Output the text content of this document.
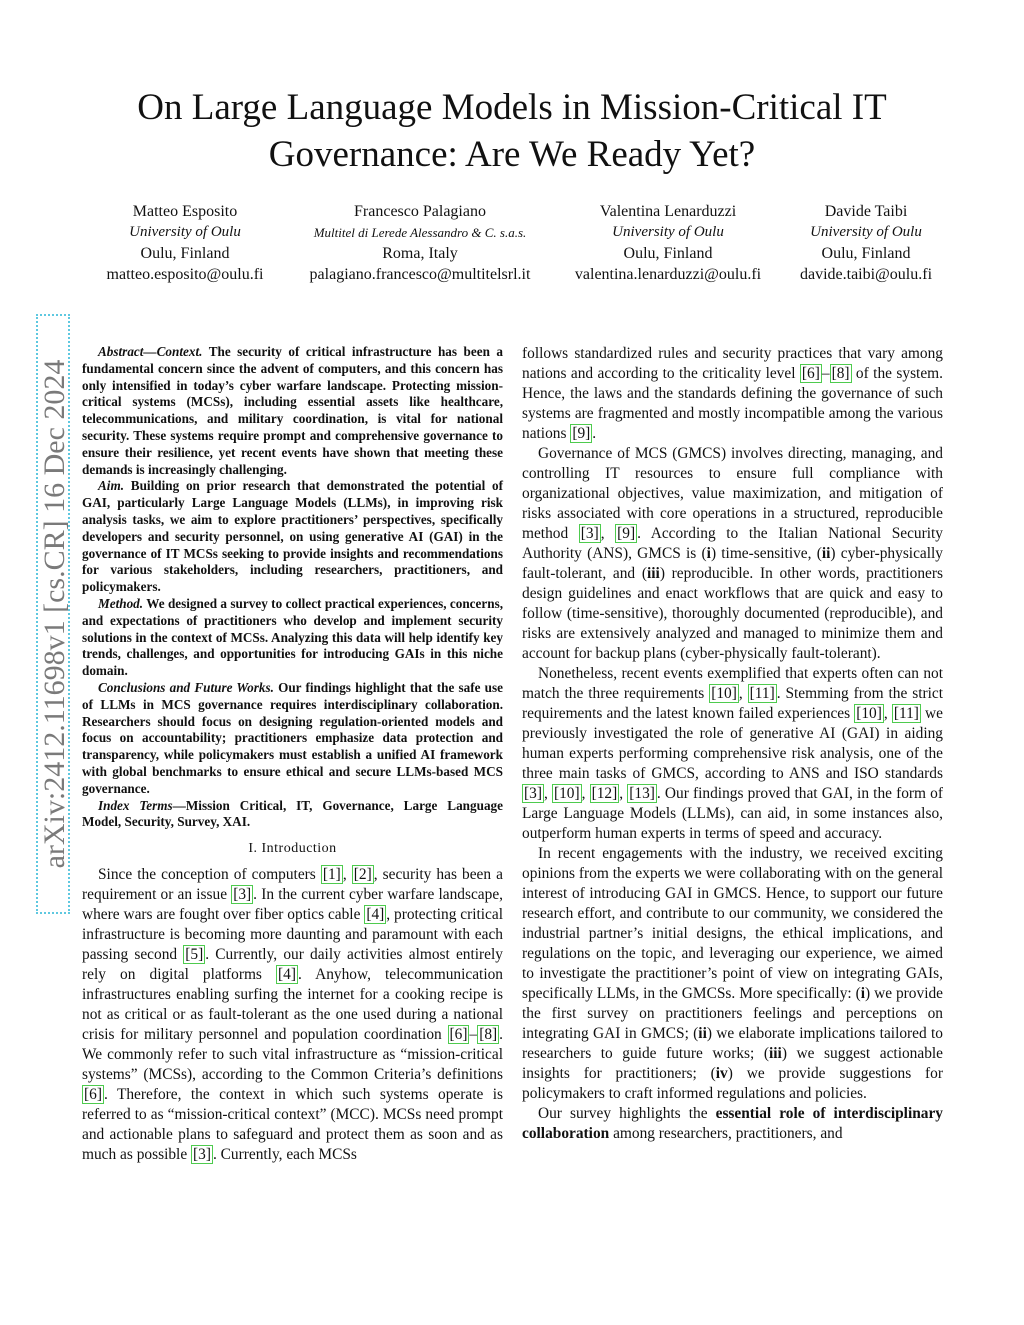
On Large Language Models in Mission-Critical IT Governance: Are We Ready Yet?
Matteo Esposito
University of Oulu
Oulu, Finland
matteo.esposito@oulu.fi
Francesco Palagiano
Multitel di Lerede Alessandro & C. s.a.s.
Roma, Italy
palagiano.francesco@multitelsrl.it
Valentina Lenarduzzi
University of Oulu
Oulu, Finland
valentina.lenarduzzi@oulu.fi
Davide Taibi
University of Oulu
Oulu, Finland
davide.taibi@oulu.fi
arXiv:2412.11698v1 [cs.CR] 16 Dec 2024

Abstract—Context. The security of critical infrastructure has been a fundamental concern since the advent of computers, and this concern has only intensified in today’s cyber warfare landscape. Protecting mission-critical systems (MCSs), including essential assets like healthcare, telecommunications, and military coordination, is vital for national security. These systems require prompt and comprehensive governance to ensure their resilience, yet recent events have shown that meeting these demands is increasingly challenging.

Aim. Building on prior research that demonstrated the potential of GAI, particularly Large Language Models (LLMs), in improving risk analysis tasks, we aim to explore practitioners’ perspectives, specifically developers and security personnel, on using generative AI (GAI) in the governance of IT MCSs seeking to provide insights and recommendations for various stakeholders, including researchers, practitioners, and policymakers.

Method. We designed a survey to collect practical experiences, concerns, and expectations of practitioners who develop and implement security solutions in the context of MCSs. Analyzing this data will help identify key trends, challenges, and opportunities for introducing GAIs in this niche domain.

Conclusions and Future Works. Our findings highlight that the safe use of LLMs in MCS governance requires interdisciplinary collaboration. Researchers should focus on designing regulation-oriented models and focus on accountability; practitioners emphasize data protection and transparency, while policymakers must establish a unified AI framework with global benchmarks to ensure ethical and secure LLMs-based MCS governance.

Index Terms—Mission Critical, IT, Governance, Large Language Model, Security, Survey, XAI.

I. Introduction

Since the conception of computers [1] , [2] , security has been a requirement or an issue [3] . In the current cyber warfare landscape, where wars are fought over fiber optics cable [4] , protecting critical infrastructure is becoming more daunting and paramount with each passing second [5] . Currently, our daily activities almost entirely rely on digital platforms [4] . Anyhow, telecommunication infrastructures enabling surfing the internet for a cooking recipe is not as critical or as fault-tolerant as the one used during a national crisis for military personnel and population coordination [6] – [8] . We commonly refer to such vital infrastructure as “mission-critical systems” (MCSs), according to the Common Criteria’s definitions [6] . Therefore, the context in which such systems operate is referred to as “mission-critical context” (MCC). MCSs need prompt and actionable plans to safeguard and protect them as soon and as much as possible [3] . Currently, each MCSs

follows standardized rules and security practices that vary among nations and according to the criticality level [6] – [8] of the system. Hence, the laws and the standards defining the governance of such systems are fragmented and mostly incompatible among the various nations [9] .

Governance of MCS (GMCS) involves directing, managing, and controlling IT resources to ensure full compliance with organizational objectives, value maximization, and mitigation of risks associated with core operations in a structured, reproducible method [3] , [9] . According to the Italian National Security Authority (ANS), GMCS is (i) time-sensitive, (ii) cyber-physically fault-tolerant, and (iii) reproducible. In other words, practitioners design guidelines and enact workflows that are quick and easy to follow (time-sensitive), thoroughly documented (reproducible), and risks are extensively analyzed and managed to minimize them and account for backup plans (cyber-physically fault-tolerant).

Nonetheless, recent events exemplified that experts often can not match the three requirements [10] , [11] . Stemming from the strict requirements and the latest known failed experiences [10] , [11] we previously investigated the role of generative AI (GAI) in aiding human experts performing comprehensive risk analysis, one of the three main tasks of GMCS, according to ANS and ISO standards [3] , [10] , [12] , [13] . Our findings proved that GAI, in the form of Large Language Models (LLMs), can aid, in some instances also, outperform human experts in terms of speed and accuracy.

In recent engagements with the industry, we received exciting opinions from the experts we were collaborating with on the general interest of introducing GAI in GMCS. Hence, to support our future research effort, and contribute to our community, we considered the industrial partner’s initial designs, the ethical implications, and regulations on the topic, and leveraging our experience, we aimed to investigate the practitioner’s point of view on integrating GAIs, specifically LLMs, in the GMCSs. More specifically: (i) we provide the first survey on practitioners feelings and perceptions on integrating GAI in GMCS; (ii) we elaborate implications tailored to researchers to guide future works; (iii) we suggest actionable insights for practitioners; (iv) we provide suggestions for policymakers to craft informed regulations and policies.

Our survey highlights the essential role of interdisciplinary collaboration among researchers, practitioners, and
